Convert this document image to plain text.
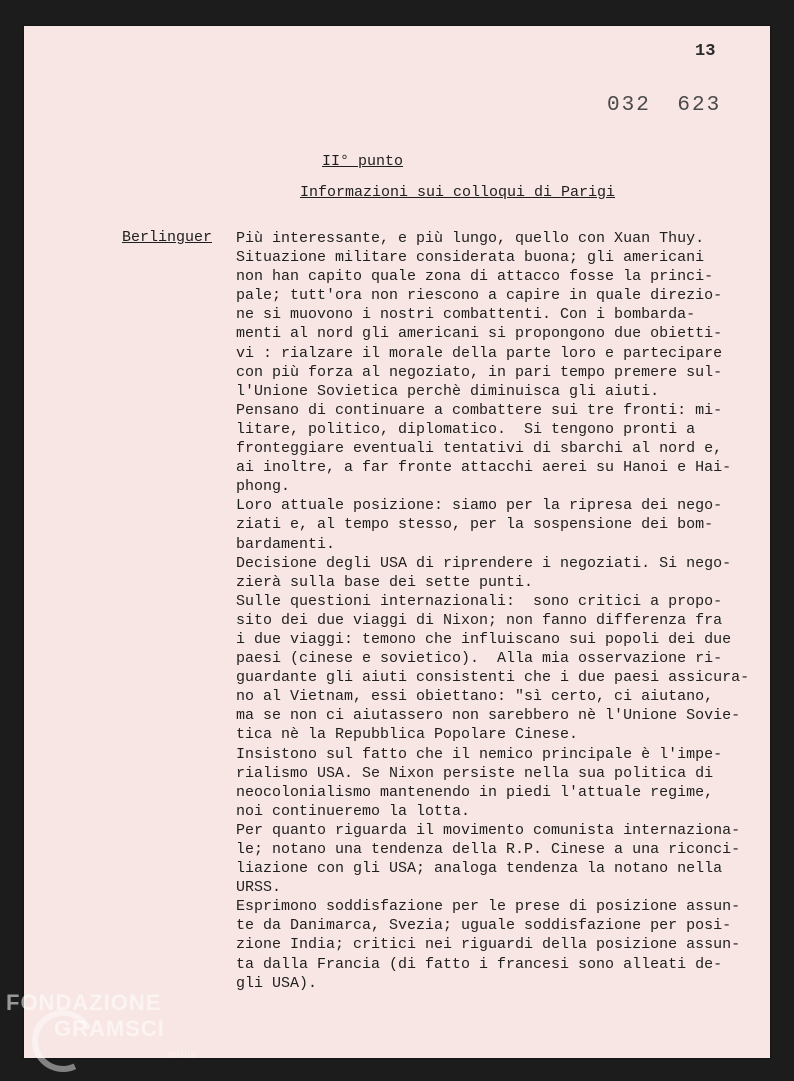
13
032 623
II° punto
Informazioni sui colloqui di Parigi
Berlinguer Più interessante, e più lungo, quello con Xuan Thuy.
Situazione militare considerata buona; gli americani
non han capito quale zona di attacco fosse la princi-
pale; tutt'ora non riescono a capire in quale direzio-
ne si muovono i nostri combattenti. Con i bombarda-
menti al nord gli americani si propongono due obietti-
vi : rialzare il morale della parte loro e partecipare
con più forza al negoziato, in pari tempo premere sul-
l'Unione Sovietica perchè diminuisca gli aiuti.
Pensano di continuare a combattere sui tre fronti: mi-
litare, politico, diplomatico.  Si tengono pronti a
fronteggiare eventuali tentativi di sbarchi al nord e,
ai inoltre, a far fronte attacchi aerei su Hanoi e Hai-
phong.
Loro attuale posizione: siamo per la ripresa dei nego-
ziati e, al tempo stesso, per la sospensione dei bom-
bardamenti.
Decisione degli USA di riprendere i negoziati. Si nego-
zierà sulla base dei sette punti.
Sulle questioni internazionali:  sono critici a propo-
sito dei due viaggi di Nixon; non fanno differenza fra
i due viaggi: temono che influiscano sui popoli dei due
paesi (cinese e sovietico).  Alla mia osservazione ri-
guardante gli aiuti consistenti che i due paesi assicura-
no al Vietnam, essi obiettano: "sì certo, ci aiutano,
ma se non ci aiutassero non sarebbero nè l'Unione Sovie-
tica nè la Repubblica Popolare Cinese.
Insistono sul fatto che il nemico principale è l'impe-
rialismo USA. Se Nixon persiste nella sua politica di
neocolonialismo mantenendo in piedi l'attuale regime,
noi continueremo la lotta.
Per quanto riguarda il movimento comunista internaziona-
le; notano una tendenza della R.P. Cinese a una riconci-
liazione con gli USA; analoga tendenza la notano nella
URSS.
Esprimono soddisfazione per le prese di posizione assun-
te da Danimarca, Svezia; uguale soddisfazione per posi-
zione India; critici nei riguardi della posizione assun-
ta dalla Francia (di fatto i francesi sono alleati de-
gli USA).
FONDAZIONE
GRAMSCI
onlus
